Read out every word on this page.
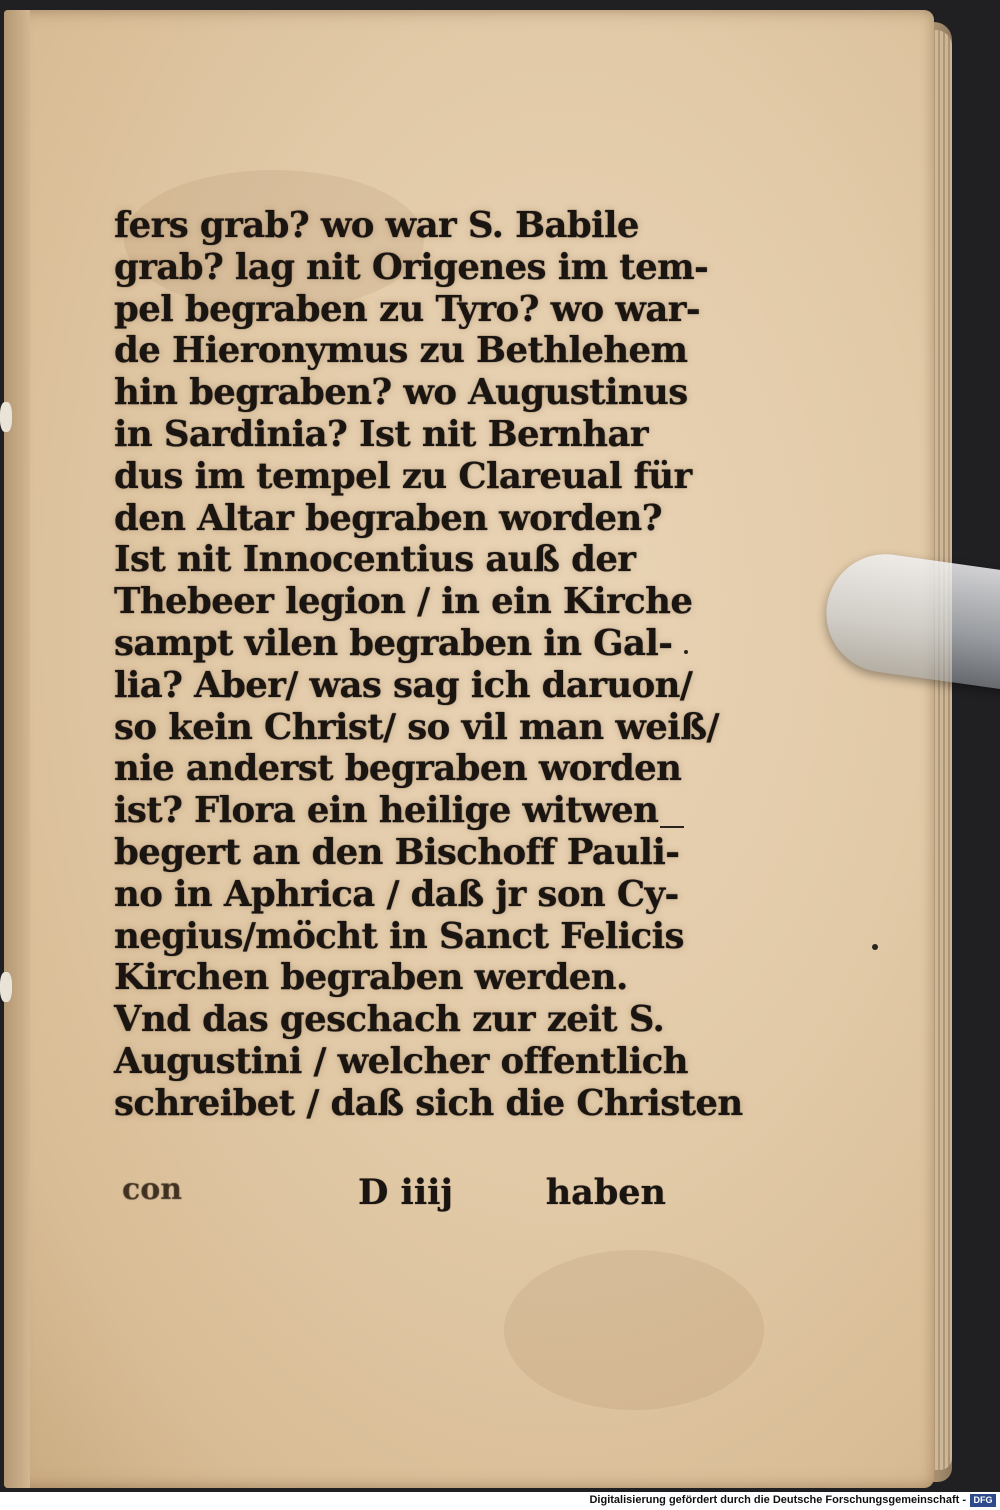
fers grab? wo war S. Babile
grab? lag nit Origenes im tem-
pel begraben zu Tyro? wo war-
de Hieronymus zu Bethlehem
hin begraben? wo Augustinus
in Sardinia? Ist nit Bernhar
dus im tempel zu Clareual für
den Altar begraben worden?
Ist nit Innocentius auß der
Thebeer legion / in ein Kirche
sampt vilen begraben in Gal-
lia? Aber/ was sag ich daruon/
so kein Christ/ so vil man weiß/
nie anderst begraben worden
ist? Flora ein heilige witwen
begert an den Bischoff Pauli-
no in Aphrica / daß jr son Cy-
negius/möcht in Sanct Felicis
Kirchen begraben werden.
Vnd das geschach zur zeit S.
Augustini / welcher offentlich
schreibet / daß sich die Christen
con	D iiij	haben
Digitalisierung gefördert durch die Deutsche Forschungsgemeinschaft - DFG
